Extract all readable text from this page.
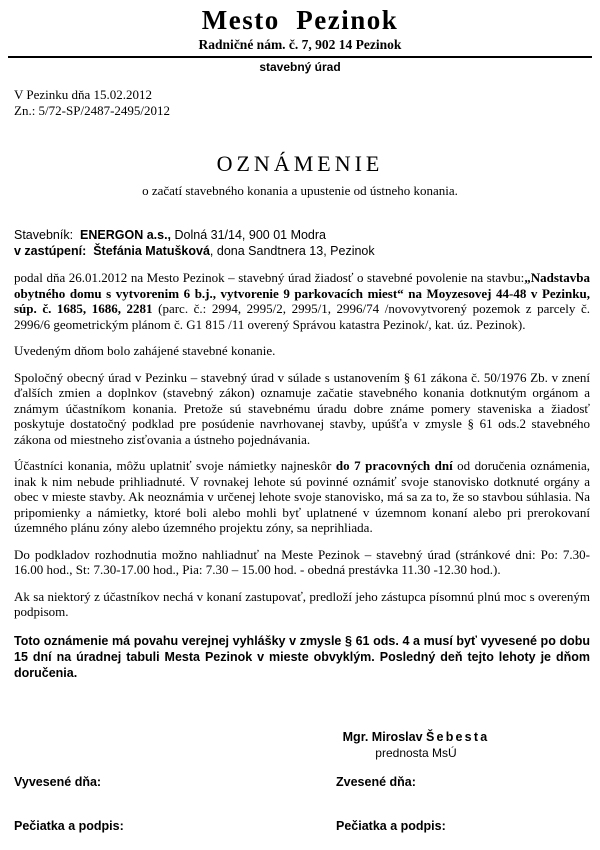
Mesto  Pezinok
Radničné nám. č. 7, 902 14 Pezinok
stavebný úrad
V Pezinku dňa 15.02.2012
Zn.: 5/72-SP/2487-2495/2012
OZNÁMENIE
o začatí stavebného konania a upustenie od ústneho konania.
Stavebník: ENERGON a.s., Dolná 31/14, 900 01 Modra
v zastúpení: Štefánia Matušková, dona Sandtnera 13, Pezinok

podal dňa 26.01.2012 na Mesto Pezinok – stavebný úrad žiadosť o stavebné povolenie na stavbu:„Nadstavba obytného domu s vytvorenim 6 b.j., vytvorenie 9 parkovacích miest“ na Moyzesovej 44-48 v Pezinku, súp. č. 1685, 1686, 2281 (parc. č.: 2994, 2995/2, 2995/1, 2996/74 /novovytvorený pozemok z parcely č. 2996/6 geometrickým plánom č. G1 815 /11 overený Správou katastra Pezinok/, kat. úz. Pezinok).

Uvedeným dňom bolo zahájené stavebné konanie.

Spoločný obecný úrad v Pezinku – stavebný úrad v súlade s ustanovením § 61 zákona č. 50/1976 Zb. v znení ďalších zmien a doplnkov (stavebný zákon) oznamuje začatie stavebného konania dotknutým orgánom a známym účastníkom konania. Pretože sú stavebnému úradu dobre známe pomery staveniska a žiadosť poskytuje dostatočný podklad pre posúdenie navrhovanej stavby, upúšťa v zmysle § 61 ods.2 stavebného zákona od miestneho zisťovania a ústneho pojednávania.

Účastníci konania, môžu uplatniť svoje námietky najneskôr do 7 pracovných dní od doručenia oznámenia, inak k nim nebude prihliadnuté. V rovnakej lehote sú povinné oznámiť svoje stanovisko dotknuté orgány a obec v mieste stavby. Ak neoznámia v určenej lehote svoje stanovisko, má sa za to, že so stavbou súhlasia. Na pripomienky a námietky, ktoré boli alebo mohli byť uplatnené v územnom konaní alebo pri prerokovaní územného plánu zóny alebo územného projektu zóny, sa neprihliada.

Do podkladov rozhodnutia možno nahliadnuť na Meste Pezinok – stavebný úrad (stránkové dni: Po: 7.30-16.00 hod., St: 7.30-17.00 hod., Pia: 7.30 – 15.00 hod. - obedná prestávka 11.30 -12.30 hod.).

Ak sa niektorý z účastníkov nechá v konaní zastupovať, predloží jeho zástupca písomnú plnú moc s overeným podpisom.

Toto oznámenie má povahu verejnej vyhlášky v zmysle § 61 ods. 4 a musí byť vyvesené po dobu 15 dní na úradnej tabuli Mesta Pezinok v mieste obvyklým. Posledný deň tejto lehoty je dňom doručenia.

Mgr. Miroslav Šebesta
prednosta MsÚ
Vyvesené dňa:	Zvesené dňa:
Pečiatka a podpis:	Pečiatka a podpis:
